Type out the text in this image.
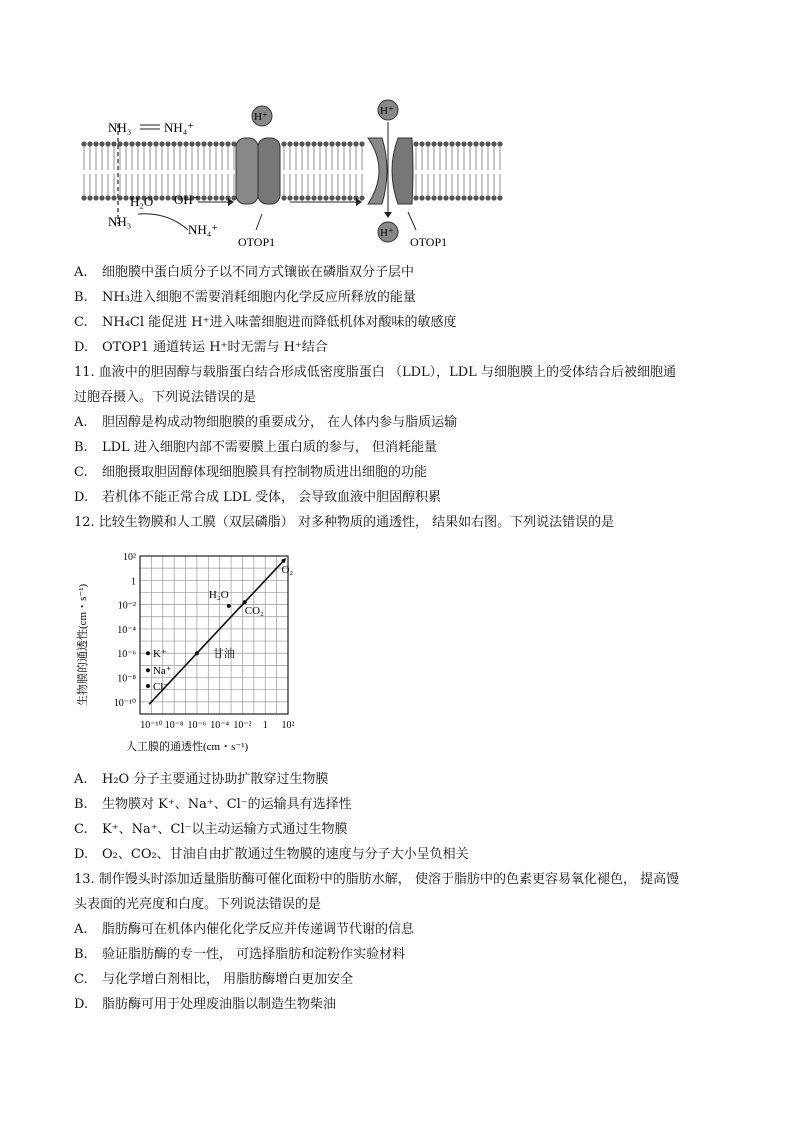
NH₃	NH₄⁺
H₂O OH⁻
NH₃
NH₄⁺
H⁺
OTOP1
H⁺
H⁺
OTOP1
A. 细胞膜中蛋白质分子以不同方式镶嵌在磷脂双分子层中
B. NH₃进入细胞不需要消耗细胞内化学反应所释放的能量
C. NH₄Cl 能促进 H⁺进入味蕾细胞进而降低机体对酸味的敏感度
D. OTOP1 通道转运 H⁺时无需与 H⁺结合
11. 血液中的胆固醇与载脂蛋白结合形成低密度脂蛋白 （LDL），LDL 与细胞膜上的受体结合后被细胞通
过胞吞摄入。下列说法错误的是
A. 胆固醇是构成动物细胞膜的重要成分， 在人体内参与脂质运输
B. LDL 进入细胞内部不需要膜上蛋白质的参与， 但消耗能量
C. 细胞摄取胆固醇体现细胞膜具有控制物质进出细胞的功能
D. 若机体不能正常合成 LDL 受体， 会导致血液中胆固醇积累
12. 比较生物膜和人工膜（双层磷脂） 对多种物质的通透性， 结果如右图。下列说法错误的是
10⁻¹⁰ 10⁻⁸ 10⁻⁶ 10⁻⁴ 10⁻² 1 10²
10²
1
10⁻²
10⁻⁴
10⁻⁶
10⁻⁸
10⁻¹⁰
H₂O
CO₂
O₂
甘油
K⁺
Na⁺
Cl⁻
人工膜的通透性(cm・s⁻¹)
生物膜的通透性(cm・s⁻¹)
A. H₂O 分子主要通过协助扩散穿过生物膜
B. 生物膜对 K⁺、Na⁺、Cl⁻的运输具有选择性
C. K⁺、Na⁺、Cl⁻以主动运输方式通过生物膜
D. O₂、CO₂、甘油自由扩散通过生物膜的速度与分子大小呈负相关
13. 制作馒头时添加适量脂肪酶可催化面粉中的脂肪水解， 使溶于脂肪中的色素更容易氧化褪色， 提高馒
头表面的光亮度和白度。下列说法错误的是
A. 脂肪酶可在机体内催化化学反应并传递调节代谢的信息
B. 验证脂肪酶的专一性， 可选择脂肪和淀粉作实验材料
C. 与化学增白剂相比， 用脂肪酶增白更加安全
D. 脂肪酶可用于处理废油脂以制造生物柴油
